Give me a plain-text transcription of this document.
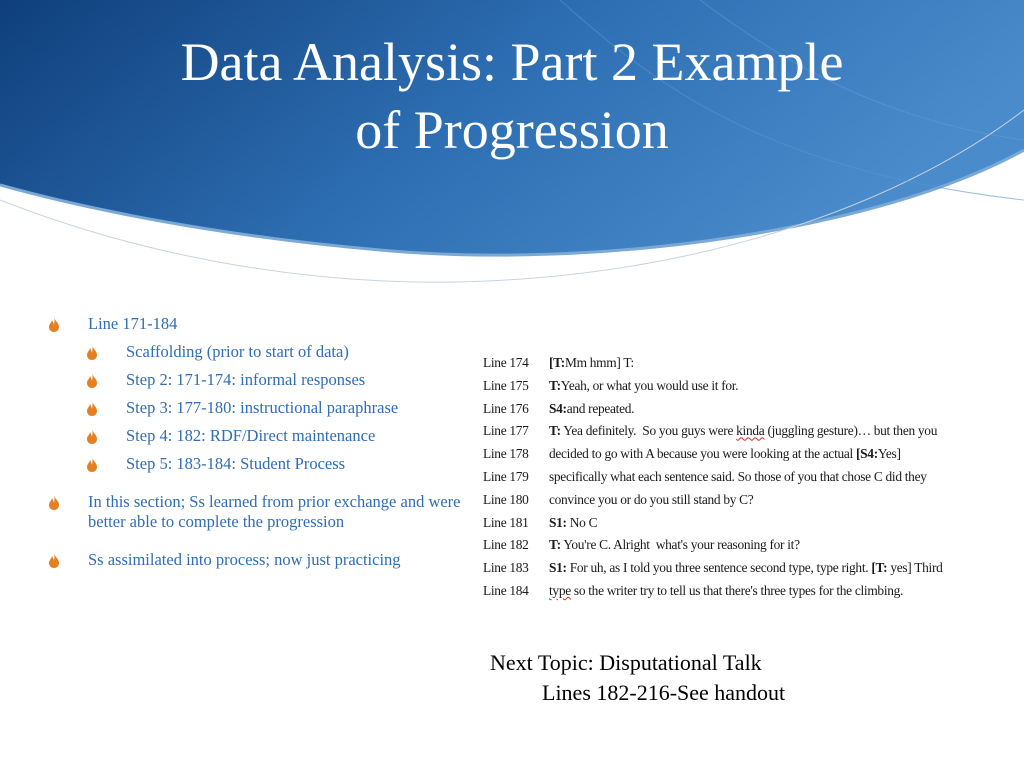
Data Analysis: Part 2 Example
of Progression
Line 171-184
Scaffolding (prior to start of data)
Step 2: 171-174: informal responses
Step 3: 177-180: instructional paraphrase
Step 4: 182: RDF/Direct maintenance
Step 5: 183-184: Student Process
In this section; Ss learned from prior exchange and were better able to complete the progression
Ss assimilated into process; now just practicing
Line 174	[T: Mm hmm] T:
Line 175	T: Yeah, or what you would use it for.
Line 176	S4: and repeated.
Line 177	T: Yea definitely.  So you guys were kinda (juggling gesture)… but then you
Line 178	decided to go with A because you were looking at the actual [S4: Yes]
Line 179	specifically what each sentence said. So those of you that chose C did they
Line 180	convince you or do you still stand by C?
Line 181	S1: No C
Line 182	T: You're C. Alright  what's your reasoning for it?
Line 183	S1: For uh, as I told you three sentence second type, type right. [T: yes] Third
Line 184	type so the writer try to tell us that there's three types for the climbing.
Next Topic: Disputational Talk
Lines 182-216-See handout
